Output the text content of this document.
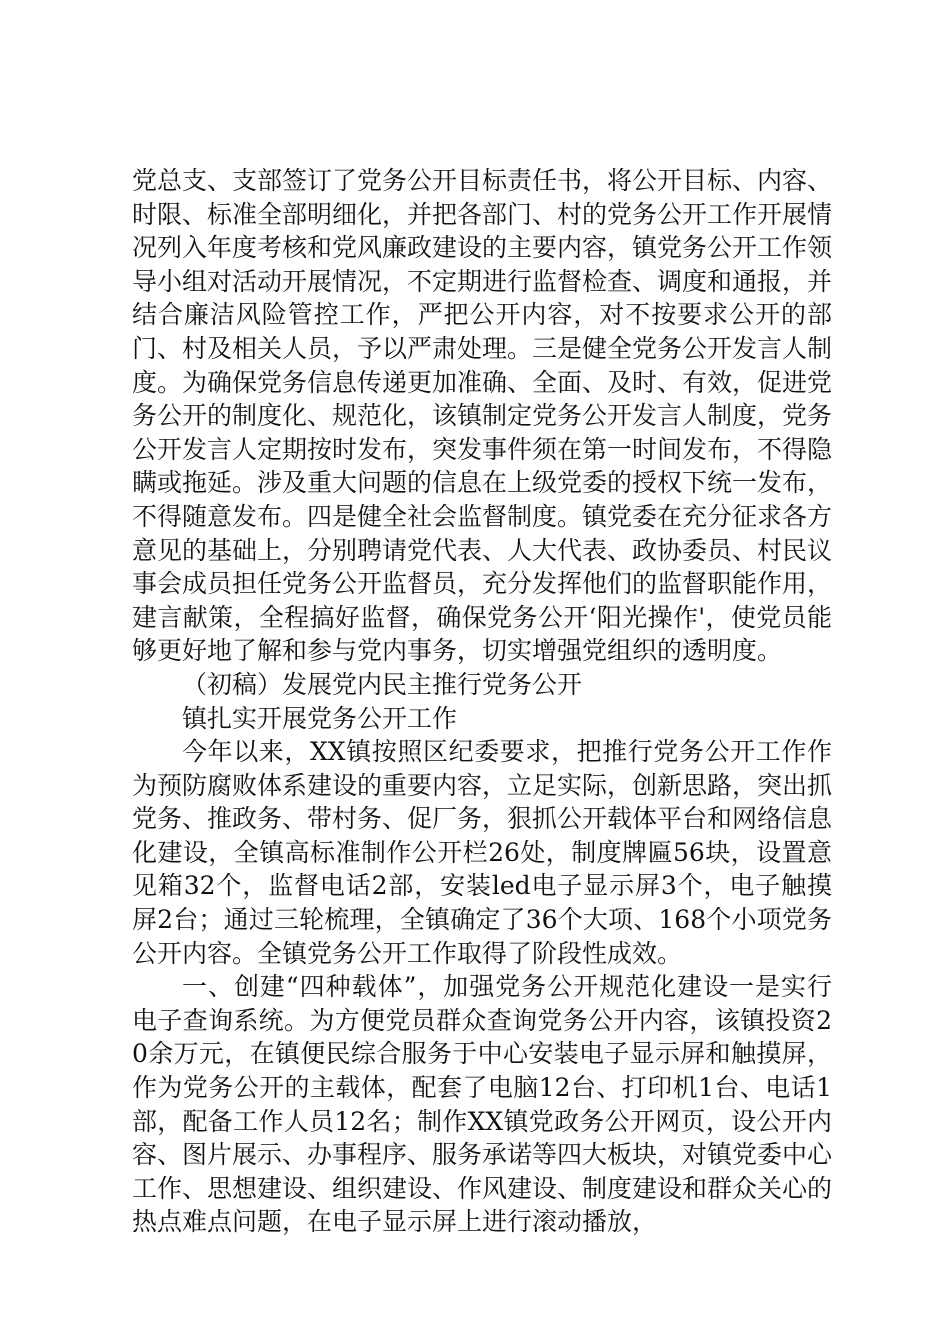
党总支、支部签订了党务公开目标责任书，将公开目标、内容、时限、标准全部明细化，并把各部门、村的党务公开工作开展情况列入年度考核和党风廉政建设的主要内容，镇党务公开工作领导小组对活动开展情况，不定期进行监督检查、调度和通报，并结合廉洁风险管控工作，严把公开内容，对不按要求公开的部门、村及相关人员，予以严肃处理。三是健全党务公开发言人制度。为确保党务信息传递更加准确、全面、及时、有效，促进党务公开的制度化、规范化，该镇制定党务公开发言人制度，党务公开发言人定期按时发布，突发事件须在第一时间发布，不得隐瞒或拖延。涉及重大问题的信息在上级党委的授权下统一发布，不得随意发布。四是健全社会监督制度。镇党委在充分征求各方意见的基础上，分别聘请党代表、人大代表、政协委员、村民议事会成员担任党务公开监督员，充分发挥他们的监督职能作用，建言献策，全程搞好监督，确保党务公开‘阳光操作'，使党员能够更好地了解和参与党内事务，切实增强党组织的透明度。

（初稿）发展党内民主推行党务公开

镇扎实开展党务公开工作

今年以来，XX镇按照区纪委要求，把推行党务公开工作作为预防腐败体系建设的重要内容，立足实际，创新思路，突出抓党务、推政务、带村务、促厂务，狠抓公开载体平台和网络信息化建设，全镇高标准制作公开栏26处，制度牌匾56块，设置意见箱32个，监督电话2部，安装led电子显示屏3个，电子触摸屏2台；通过三轮梳理，全镇确定了36个大项、168个小项党务公开内容。全镇党务公开工作取得了阶段性成效。

一、创建“四种载体”，加强党务公开规范化建设一是实行电子查询系统。为方便党员群众查询党务公开内容，该镇投资20余万元，在镇便民综合服务于中心安装电子显示屏和触摸屏，作为党务公开的主载体，配套了电脑12台、打印机1台、电话1部，配备工作人员12名；制作XX镇党政务公开网页，设公开内容、图片展示、办事程序、服务承诺等四大板块，对镇党委中心工作、思想建设、组织建设、作风建设、制度建设和群众关心的热点难点问题，在电子显示屏上进行滚动播放，
